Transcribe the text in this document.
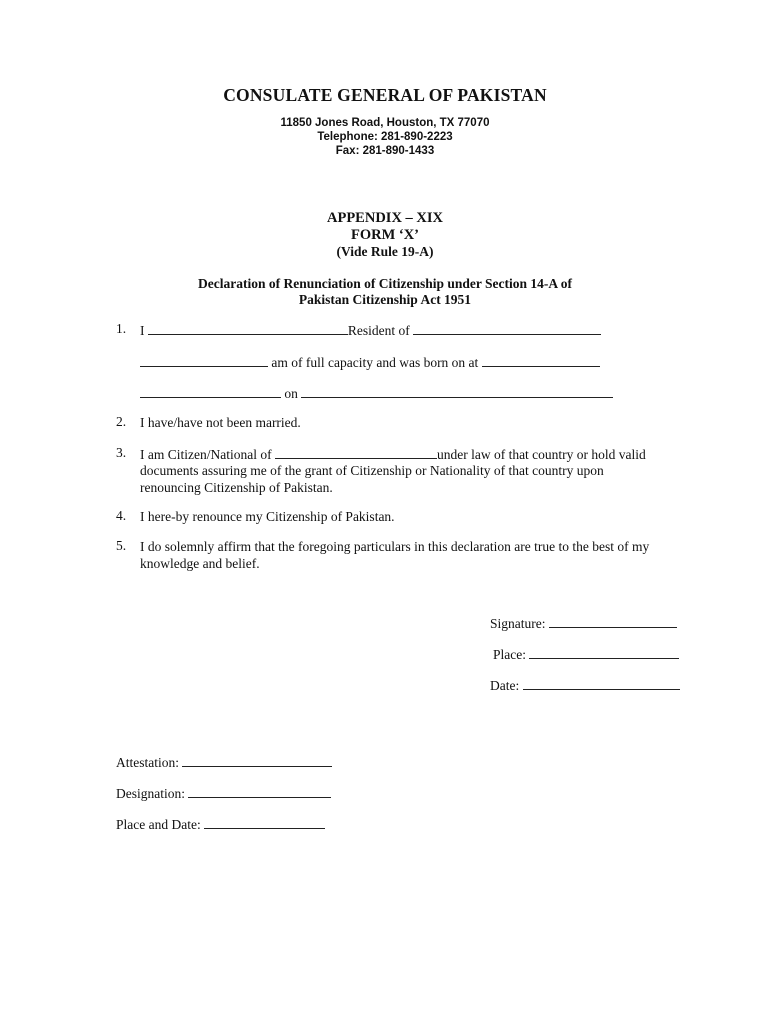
CONSULATE GENERAL OF PAKISTAN
11850 Jones Road, Houston, TX 77070
Telephone: 281-890-2223
Fax: 281-890-1433
APPENDIX – XIX
FORM ‘X’
(Vide Rule 19-A)
Declaration of Renunciation of Citizenship under Section 14-A of
Pakistan Citizenship Act 1951
1. I	Resident of
am of full capacity and was born on at
on
2. I have/have not been married.
3. I am Citizen/National of	under law of that country or hold valid
documents assuring me of the grant of Citizenship or Nationality of that country upon
renouncing Citizenship of Pakistan.
4. I here-by renounce my Citizenship of Pakistan.
5. I do solemnly affirm that the foregoing particulars in this declaration are true to the best of my
knowledge and belief.
Signature:
Place:
Date:
Attestation:
Designation:
Place and Date:
